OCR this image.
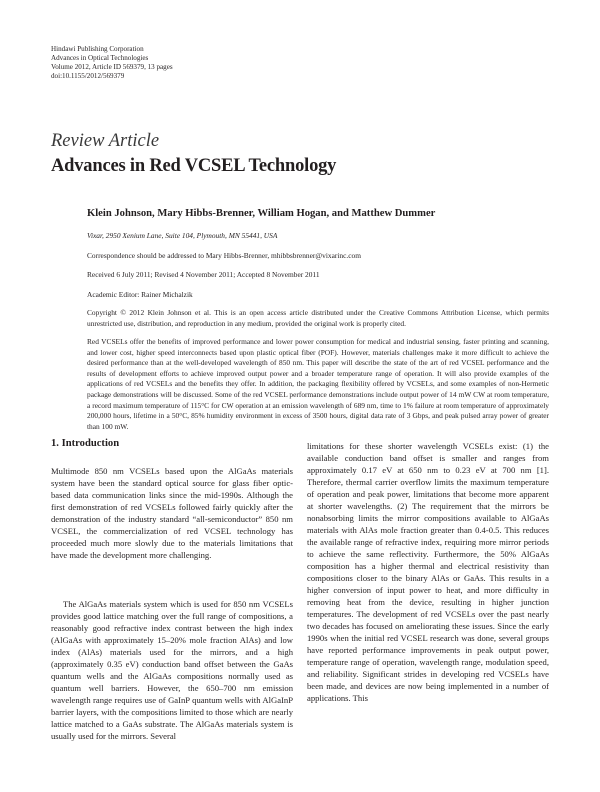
Hindawi Publishing Corporation
Advances in Optical Technologies
Volume 2012, Article ID 569379, 13 pages
doi:10.1155/2012/569379
Review Article
Advances in Red VCSEL Technology
Klein Johnson, Mary Hibbs-Brenner, William Hogan, and Matthew Dummer
Vixar, 2950 Xenium Lane, Suite 104, Plymouth, MN 55441, USA
Correspondence should be addressed to Mary Hibbs-Brenner, mhibbsbrenner@vixarinc.com
Received 6 July 2011; Revised 4 November 2011; Accepted 8 November 2011
Academic Editor: Rainer Michalzik

Copyright © 2012 Klein Johnson et al. This is an open access article distributed under the Creative Commons Attribution License, which permits unrestricted use, distribution, and reproduction in any medium, provided the original work is properly cited.

Red VCSELs offer the benefits of improved performance and lower power consumption for medical and industrial sensing, faster printing and scanning, and lower cost, higher speed interconnects based upon plastic optical fiber (POF). However, materials challenges make it more difficult to achieve the desired performance than at the well-developed wavelength of 850 nm. This paper will describe the state of the art of red VCSEL performance and the results of development efforts to achieve improved output power and a broader temperature range of operation. It will also provide examples of the applications of red VCSELs and the benefits they offer. In addition, the packaging flexibility offered by VCSELs, and some examples of non-Hermetic package demonstrations will be discussed. Some of the red VCSEL performance demonstrations include output power of 14 mW CW at room temperature, a record maximum temperature of 115°C for CW operation at an emission wavelength of 689 nm, time to 1% failure at room temperature of approximately 200,000 hours, lifetime in a 50°C, 85% humidity environment in excess of 3500 hours, digital data rate of 3 Gbps, and peak pulsed array power of greater than 100 mW.

1. Introduction

Multimode 850 nm VCSELs based upon the AlGaAs materials system have been the standard optical source for glass fiber optic-based data communication links since the mid-1990s. Although the first demonstration of red VCSELs followed fairly quickly after the demonstration of the industry standard “all-semiconductor” 850 nm VCSEL, the commercialization of red VCSEL technology has proceeded much more slowly due to the materials limitations that have made the development more challenging.

The AlGaAs materials system which is used for 850 nm VCSELs provides good lattice matching over the full range of compositions, a reasonably good refractive index contrast between the high index (AlGaAs with approximately 15–20% mole fraction AlAs) and low index (AlAs) materials used for the mirrors, and a high (approximately 0.35 eV) conduction band offset between the GaAs quantum wells and the AlGaAs compositions normally used as quantum well barriers. However, the 650–700 nm emission wavelength range requires use of GaInP quantum wells with AlGaInP barrier layers, with the compositions limited to those which are nearly lattice matched to a GaAs substrate. The AlGaAs materials system is usually used for the mirrors. Several

limitations for these shorter wavelength VCSELs exist: (1) the available conduction band offset is smaller and ranges from approximately 0.17 eV at 650 nm to 0.23 eV at 700 nm [1]. Therefore, thermal carrier overflow limits the maximum temperature of operation and peak power, limitations that become more apparent at shorter wavelengths. (2) The requirement that the mirrors be nonabsorbing limits the mirror compositions available to AlGaAs materials with AlAs mole fraction greater than 0.4-0.5. This reduces the available range of refractive index, requiring more mirror periods to achieve the same reflectivity. Furthermore, the 50% AlGaAs composition has a higher thermal and electrical resistivity than compositions closer to the binary AlAs or GaAs. This results in a higher conversion of input power to heat, and more difficulty in removing heat from the device, resulting in higher junction temperatures. The development of red VCSELs over the past nearly two decades has focused on ameliorating these issues. Since the early 1990s when the initial red VCSEL research was done, several groups have reported performance improvements in peak output power, temperature range of operation, wavelength range, modulation speed, and reliability. Significant strides in developing red VCSELs have been made, and devices are now being implemented in a number of applications. This
